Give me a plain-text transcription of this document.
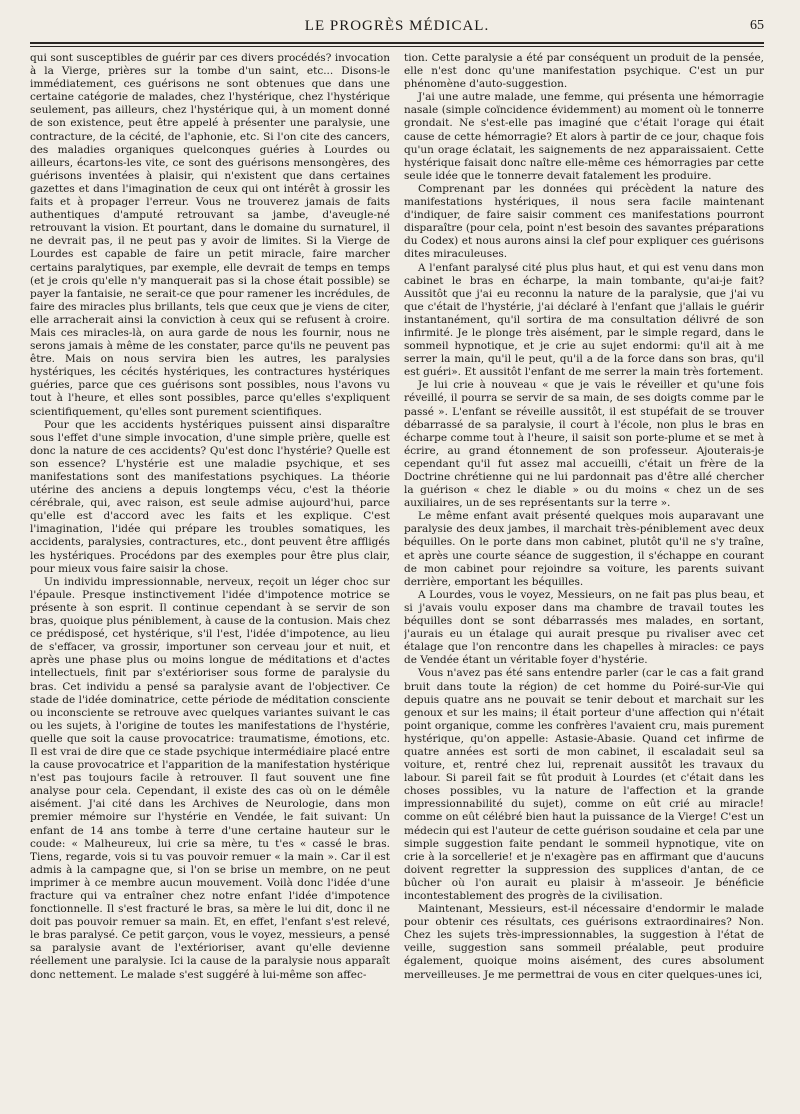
LE PROGRÈS MÉDICAL.	65

qui sont susceptibles de guérir par ces divers procédés? invocation à la Vierge, prières sur la tombe d'un saint, etc... Disons-le immédiatement, ces guérisons ne sont obtenues que dans une certaine catégorie de malades, chez l'hystérique, chez l'hystérique seulement, pas ailleurs, chez l'hystérique qui, à un moment donné de son existence, peut être appelé à présenter une paralysie, une contracture, de la cécité, de l'aphonie, etc. Si l'on cite des cancers, des maladies organiques quelconques guéries à Lourdes ou ailleurs, écartons-les vite, ce sont des guérisons mensongères, des guérisons inventées à plaisir, qui n'existent que dans certaines gazettes et dans l'imagination de ceux qui ont intérêt à grossir les faits et à propager l'erreur. Vous ne trouverez jamais de faits authentiques d'amputé retrouvant sa jambe, d'aveugle-né retrouvant la vision. Et pourtant, dans le domaine du surnaturel, il ne devrait pas, il ne peut pas y avoir de limites. Si la Vierge de Lourdes est capable de faire un petit miracle, faire marcher certains paralytiques, par exemple, elle devrait de temps en temps (et je crois qu'elle n'y manquerait pas si la chose était possible) se payer la fantaisie, ne serait-ce que pour ramener les incrédules, de faire des miracles plus brillants, tels que ceux que je viens de citer, elle arracherait ainsi la conviction à ceux qui se refusent à croire. Mais ces miracles-là, on aura garde de nous les fournir, nous ne serons jamais à même de les constater, parce qu'ils ne peuvent pas être. Mais on nous servira bien les autres, les paralysies hystériques, les cécités hystériques, les contractures hystériques guéries, parce que ces guérisons sont possibles, nous l'avons vu tout à l'heure, et elles sont possibles, parce qu'elles s'expliquent scientifiquement, qu'elles sont purement scientifiques.

Pour que les accidents hystériques puissent ainsi disparaître sous l'effet d'une simple invocation, d'une simple prière, quelle est donc la nature de ces accidents? Qu'est donc l'hystérie? Quelle est son essence? L'hystérie est une maladie psychique, et ses manifestations sont des manifestations psychiques. La théorie utérine des anciens a depuis longtemps vécu, c'est la théorie cérébrale, qui, avec raison, est seule admise aujourd'hui, parce qu'elle est d'accord avec les faits et les explique. C'est l'imagination, l'idée qui prépare les troubles somatiques, les accidents, paralysies, contractures, etc., dont peuvent être affligés les hystériques. Procédons par des exemples pour être plus clair, pour mieux vous faire saisir la chose.

Un individu impressionnable, nerveux, reçoit un léger choc sur l'épaule. Presque instinctivement l'idée d'impotence motrice se présente à son esprit. Il continue cependant à se servir de son bras, quoique plus péniblement, à cause de la contusion. Mais chez ce prédisposé, cet hystérique, s'il l'est, l'idée d'impotence, au lieu de s'effacer, va grossir, importuner son cerveau jour et nuit, et après une phase plus ou moins longue de méditations et d'actes intellectuels, finit par s'extérioriser sous forme de paralysie du bras. Cet individu a pensé sa paralysie avant de l'objectiver. Ce stade de l'idée dominatrice, cette période de méditation consciente ou inconsciente se retrouve avec quelques variantes suivant le cas ou les sujets, à l'origine de toutes les manifestations de l'hystérie, quelle que soit la cause provocatrice: traumatisme, émotions, etc. Il est vrai de dire que ce stade psychique intermédiaire placé entre la cause provocatrice et l'apparition de la manifestation hystérique n'est pas toujours facile à retrouver. Il faut souvent une fine analyse pour cela. Cependant, il existe des cas où on le démêle aisément. J'ai cité dans les Archives de Neurologie, dans mon premier mémoire sur l'hystérie en Vendée, le fait suivant: Un enfant de 14 ans tombe à terre d'une certaine hauteur sur le coude: « Malheureux, lui crie sa mère, tu t'es « cassé le bras. Tiens, regarde, vois si tu vas pouvoir remuer « la main ». Car il est admis à la campagne que, si l'on se brise un membre, on ne peut imprimer à ce membre aucun mouvement. Voilà donc l'idée d'une fracture qui va entraîner chez notre enfant l'idée d'impotence fonctionnelle. Il s'est fracturé le bras, sa mère le lui dit, donc il ne doit pas pouvoir remuer sa main. Et, en effet, l'enfant s'est relevé, le bras paralysé. Ce petit garçon, vous le voyez, messieurs, a pensé sa paralysie avant de l'extérioriser, avant qu'elle devienne réellement une paralysie. Ici la cause de la paralysie nous apparaît donc nettement. Le malade s'est suggéré à lui-même son affec-

tion. Cette paralysie a été par conséquent un produit de la pensée, elle n'est donc qu'une manifestation psychique. C'est un pur phénomène d'auto-suggestion.

J'ai une autre malade, une femme, qui présenta une hémorragie nasale (simple coïncidence évidemment) au moment où le tonnerre grondait. Ne s'est-elle pas imaginé que c'était l'orage qui était cause de cette hémorragie? Et alors à partir de ce jour, chaque fois qu'un orage éclatait, les saignements de nez apparaissaient. Cette hystérique faisait donc naître elle-même ces hémorragies par cette seule idée que le tonnerre devait fatalement les produire.

Comprenant par les données qui précèdent la nature des manifestations hystériques, il nous sera facile maintenant d'indiquer, de faire saisir comment ces manifestations pourront disparaître (pour cela, point n'est besoin des savantes préparations du Codex) et nous aurons ainsi la clef pour expliquer ces guérisons dites miraculeuses.

A l'enfant paralysé cité plus plus haut, et qui est venu dans mon cabinet le bras en écharpe, la main tombante, qu'ai-je fait? Aussitôt que j'ai eu reconnu la nature de la paralysie, que j'ai vu que c'était de l'hystérie, j'ai déclaré à l'enfant que j'allais le guérir instantanément, qu'il sortira de ma consultation délivré de son infirmité. Je le plonge très aisément, par le simple regard, dans le sommeil hypnotique, et je crie au sujet endormi: qu'il ait à me serrer la main, qu'il le peut, qu'il a de la force dans son bras, qu'il est guéri». Et aussitôt l'enfant de me serrer la main très fortement.

Je lui crie à nouveau « que je vais le réveiller et qu'une fois réveillé, il pourra se servir de sa main, de ses doigts comme par le passé ». L'enfant se réveille aussitôt, il est stupéfait de se trouver débarrassé de sa paralysie, il court à l'école, non plus le bras en écharpe comme tout à l'heure, il saisit son porte-plume et se met à écrire, au grand étonnement de son professeur. Ajouterais-je cependant qu'il fut assez mal accueilli, c'était un frère de la Doctrine chrétienne qui ne lui pardonnait pas d'être allé chercher la guérison « chez le diable » ou du moins « chez un de ses auxiliaires, un de ses représentants sur la terre ».

Le même enfant avait présenté quelques mois auparavant une paralysie des deux jambes, il marchait très-péniblement avec deux béquilles. On le porte dans mon cabinet, plutôt qu'il ne s'y traîne, et après une courte séance de suggestion, il s'échappe en courant de mon cabinet pour rejoindre sa voiture, les parents suivant derrière, emportant les béquilles.

A Lourdes, vous le voyez, Messieurs, on ne fait pas plus beau, et si j'avais voulu exposer dans ma chambre de travail toutes les béquilles dont se sont débarrassés mes malades, en sortant, j'aurais eu un étalage qui aurait presque pu rivaliser avec cet étalage que l'on rencontre dans les chapelles à miracles: ce pays de Vendée étant un véritable foyer d'hystérie.

Vous n'avez pas été sans entendre parler (car le cas a fait grand bruit dans toute la région) de cet homme du Poiré-sur-Vie qui depuis quatre ans ne pouvait se tenir debout et marchait sur les genoux et sur les mains; il était porteur d'une affection qui n'était point organique, comme les confrères l'avaient cru, mais purement hystérique, qu'on appelle: Astasie-Abasie. Quand cet infirme de quatre années est sorti de mon cabinet, il escaladait seul sa voiture, et, rentré chez lui, reprenait aussitôt les travaux du labour. Si pareil fait se fût produit à Lourdes (et c'était dans les choses possibles, vu la nature de l'affection et la grande impressionnabilité du sujet), comme on eût crié au miracle! comme on eût célébré bien haut la puissance de la Vierge! C'est un médecin qui est l'auteur de cette guérison soudaine et cela par une simple suggestion faite pendant le sommeil hypnotique, vite on crie à la sorcellerie! et je n'exagère pas en affirmant que d'aucuns doivent regretter la suppression des supplices d'antan, de ce bûcher où l'on aurait eu plaisir à m'asseoir. Je bénéficie incontestablement des progrès de la civilisation.

Maintenant, Messieurs, est-il nécessaire d'endormir le malade pour obtenir ces résultats, ces guérisons extraordinaires? Non. Chez les sujets très-impressionnables, la suggestion à l'état de veille, suggestion sans sommeil préalable, peut produire également, quoique moins aisément, des cures absolument merveilleuses. Je me permettrai de vous en citer quelques-unes ici,
